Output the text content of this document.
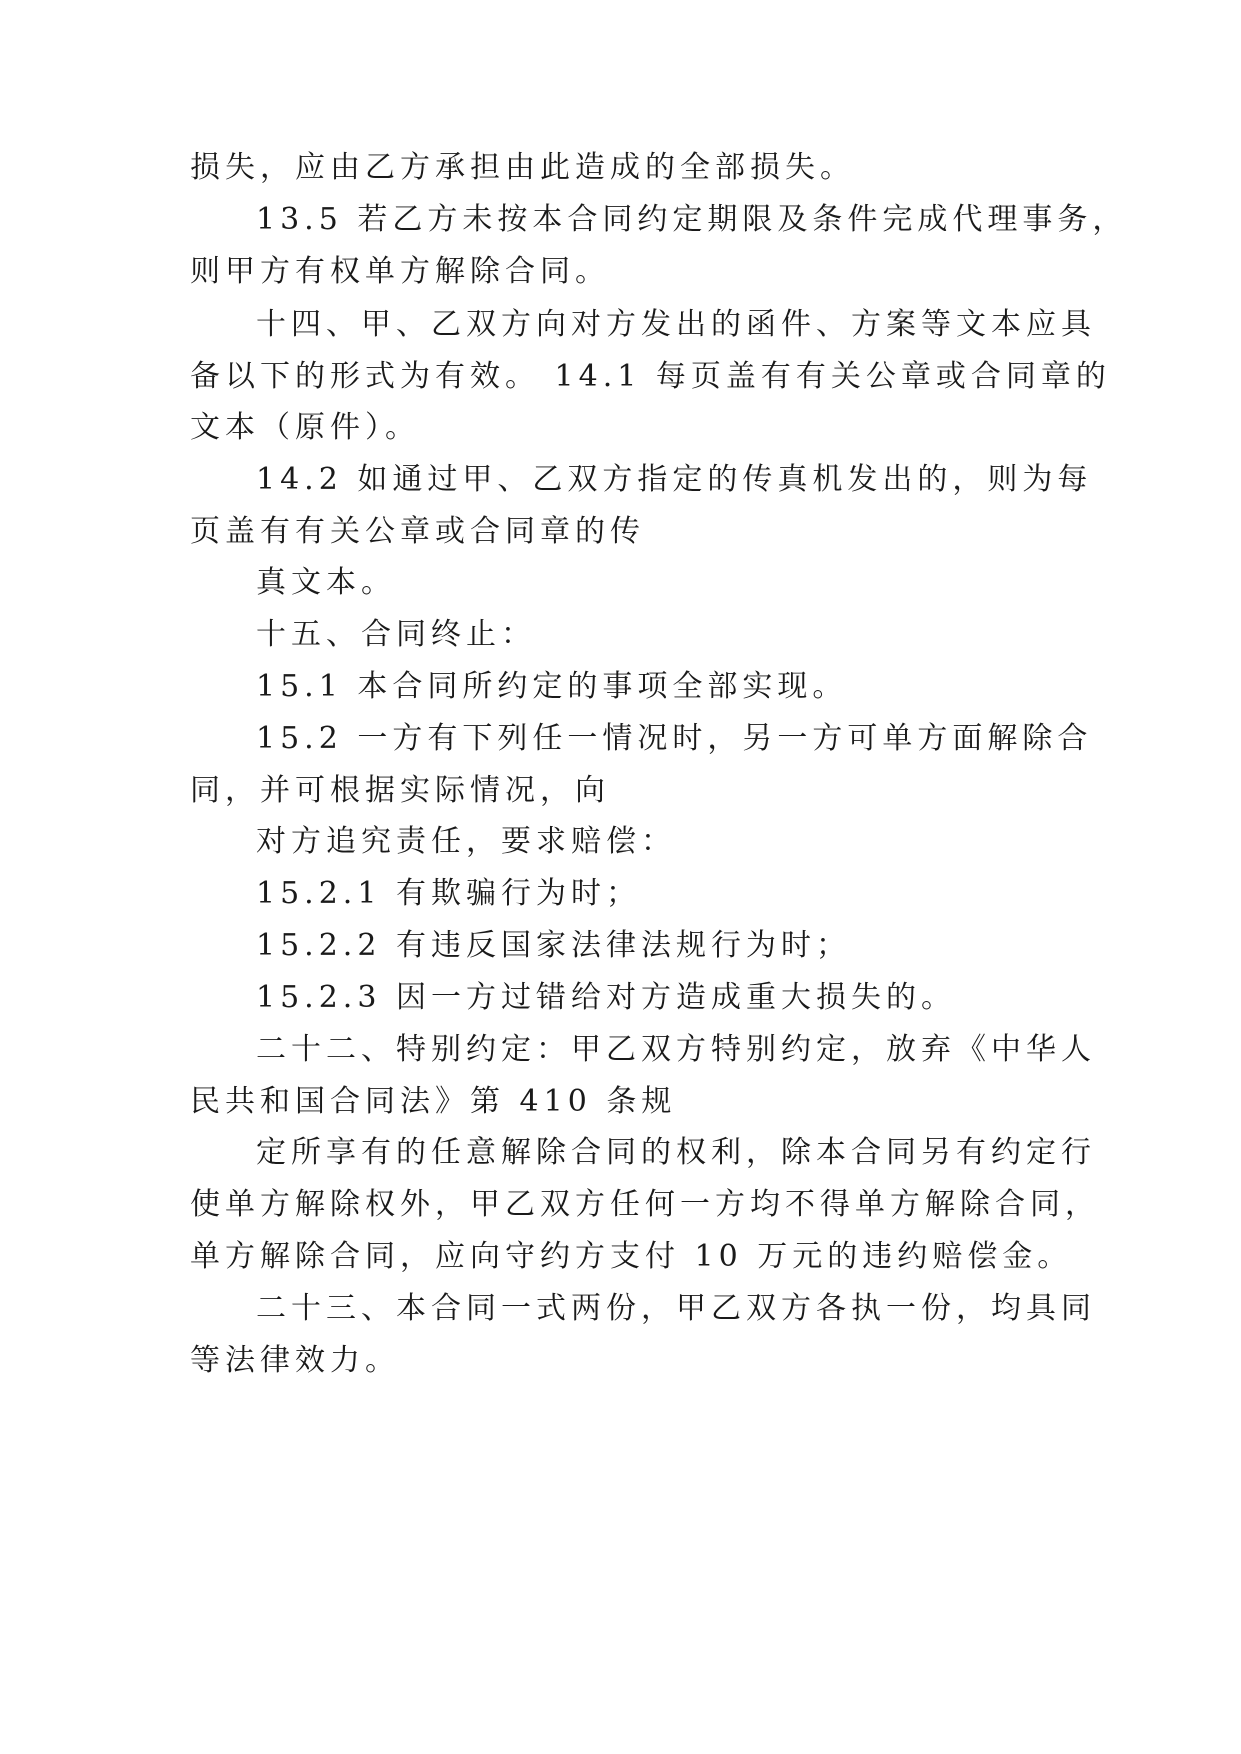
损失，应由乙方承担由此造成的全部损失。

13.5 若乙方未按本合同约定期限及条件完成代理事务，

则甲方有权单方解除合同。

十四、甲、乙双方向对方发出的函件、方案等文本应具

备以下的形式为有效。 14.1 每页盖有有关公章或合同章的

文本（原件）。

14.2 如通过甲、乙双方指定的传真机发出的，则为每

页盖有有关公章或合同章的传

真文本。

十五、合同终止：

15.1 本合同所约定的事项全部实现。

15.2 一方有下列任一情况时，另一方可单方面解除合

同，并可根据实际情况，向

对方追究责任，要求赔偿：

15.2.1 有欺骗行为时；

15.2.2 有违反国家法律法规行为时；

15.2.3 因一方过错给对方造成重大损失的。

二十二、特别约定：甲乙双方特别约定，放弃《中华人

民共和国合同法》第 410 条规

定所享有的任意解除合同的权利，除本合同另有约定行

使单方解除权外，甲乙双方任何一方均不得单方解除合同，

单方解除合同，应向守约方支付 10 万元的违约赔偿金。

二十三、本合同一式两份，甲乙双方各执一份，均具同

等法律效力。
